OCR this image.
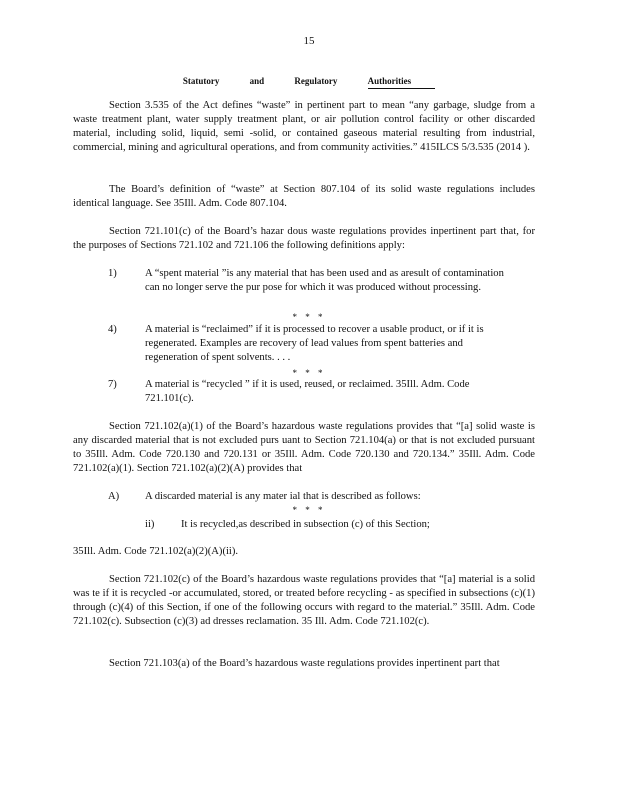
15
Statutory	and	Regulatory	Authorities
Section 3.535 of the Act defines “waste” in pertinent part to mean “any garbage, sludge from a waste treatment plant, water supply treatment plant, or air pollution control facility or other discarded material, including solid, liquid, semi -solid, or contained gaseous material resulting from industrial, commercial, mining and agricultural operations, and from community activities.” 415ILCS 5/3.535 (2014 ).
The Board’s definition of “waste” at Section 807.104 of its solid waste regulations includes identical language. See 35Ill. Adm. Code 807.104.
Section 721.101(c) of the Board’s hazar dous waste regulations provides inpertinent part that, for the purposes of Sections 721.102 and 721.106 the following definitions apply:
1)	A “spent material ”is any material that has been used and as aresult of contamination can no longer serve the pur pose for which it was produced without processing.
* * *
4)	A material is “reclaimed” if it is processed to recover a usable product, or if it is regenerated. Examples are recovery of lead values from spent batteries and regeneration of spent solvents. . . .
* * *
7)	A material is “recycled ” if it is used, reused, or reclaimed. 35Ill. Adm. Code 721.101(c).
Section 721.102(a)(1) of the Board’s hazardous waste regulations provides that “[a] solid waste is any discarded material that is not excluded purs uant to Section 721.104(a) or that is not excluded pursuant to 35Ill. Adm. Code 720.130 and 720.131 or 35Ill. Adm. Code 720.130 and 720.134.” 35Ill. Adm. Code 721.102(a)(1). Section 721.102(a)(2)(A) provides that
A) A discarded material is any mater ial that is described as follows:
* * *
ii)	It is recycled,as described in subsection (c) of this Section;
35Ill. Adm. Code 721.102(a)(2)(A)(ii).
Section 721.102(c) of the Board’s hazardous waste regulations provides that “[a] material is a solid was te if it is recycled -or accumulated, stored, or treated before recycling - as specified in subsections (c)(1) through (c)(4) of this Section, if one of the following occurs with regard to the material.” 35Ill. Adm. Code 721.102(c). Subsection (c)(3) ad dresses reclamation. 35 Ill. Adm. Code 721.102(c).
Section 721.103(a) of the Board’s hazardous waste regulations provides inpertinent part that
